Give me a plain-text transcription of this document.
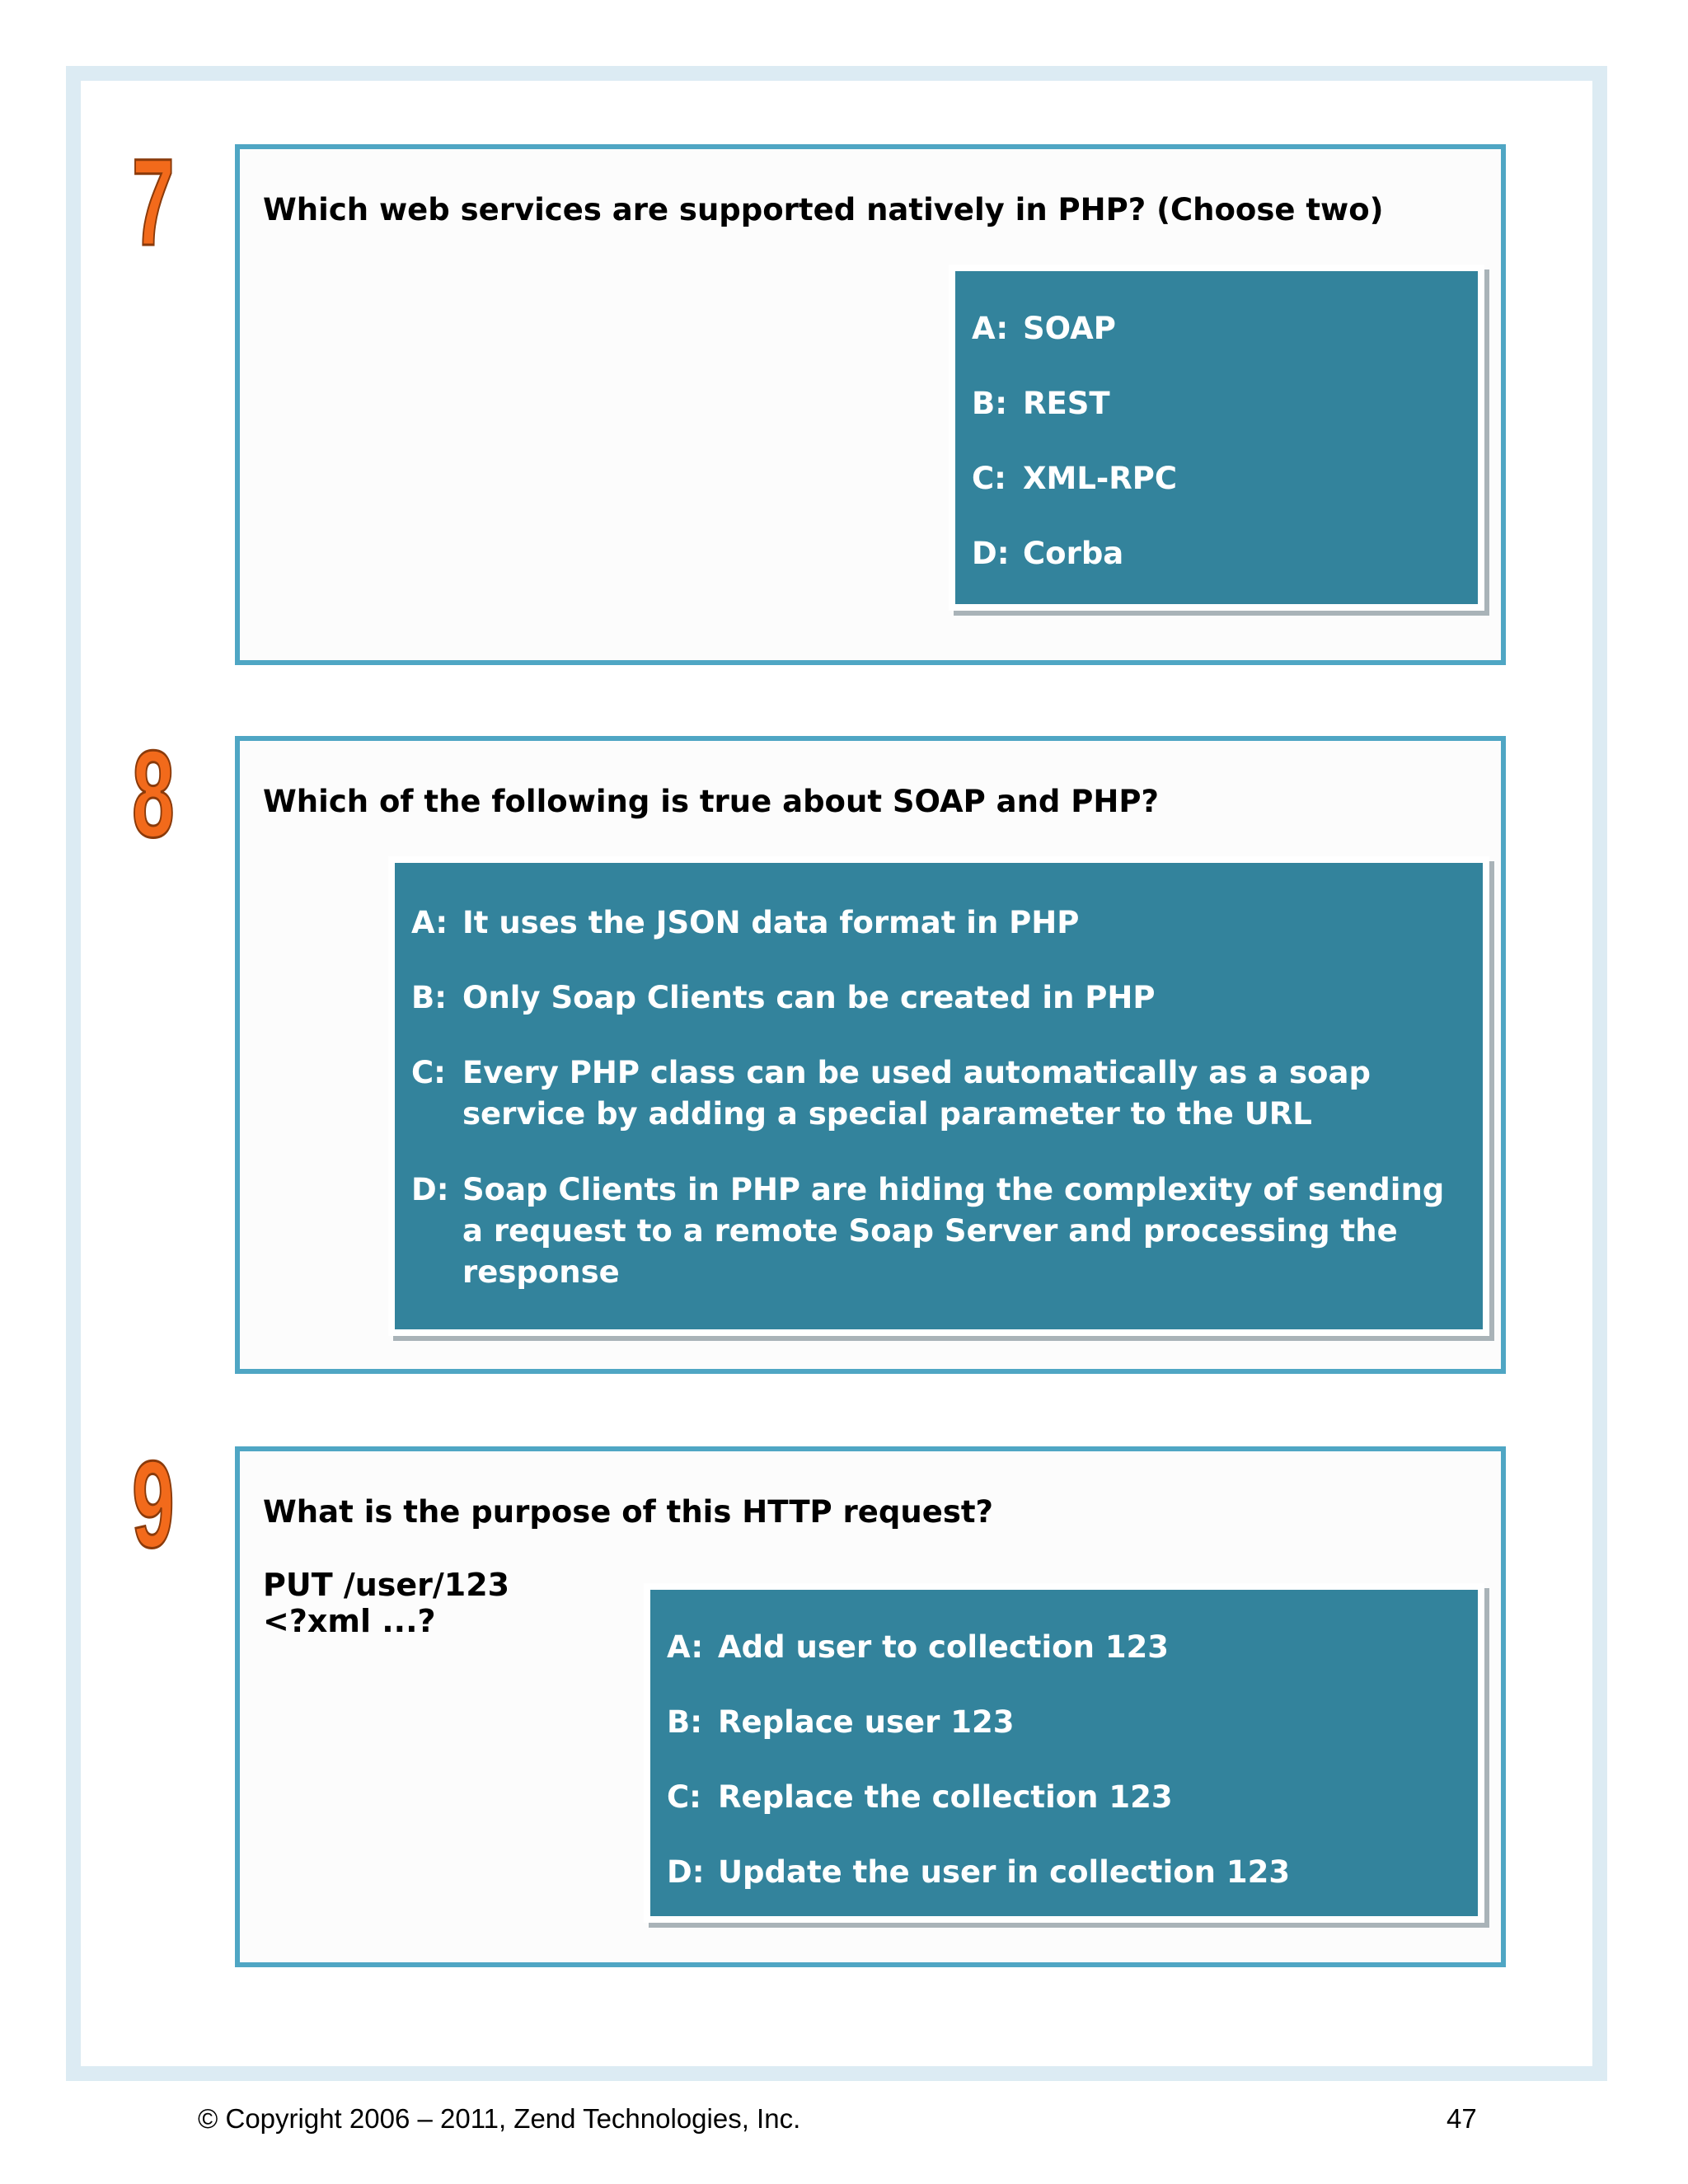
7	Which web services are supported natively in PHP? (Choose two)

A: SOAP
B: REST
C: XML-RPC
D: Corba
8	Which of the following is true about SOAP and PHP?

A: It uses the JSON data format in PHP
B: Only Soap Clients can be created in PHP
C: Every PHP class can be used automatically as a soap service by adding a special parameter to the URL
D: Soap Clients in PHP are hiding the complexity of sending a request to a remote Soap Server and processing the response
9	What is the purpose of this HTTP request?

PUT /user/123
<?xml ...?
A: Add user to collection 123
B: Replace user 123
C: Replace the collection 123
D: Update the user in collection 123
© Copyright 2006 – 2011, Zend Technologies, Inc.	47
